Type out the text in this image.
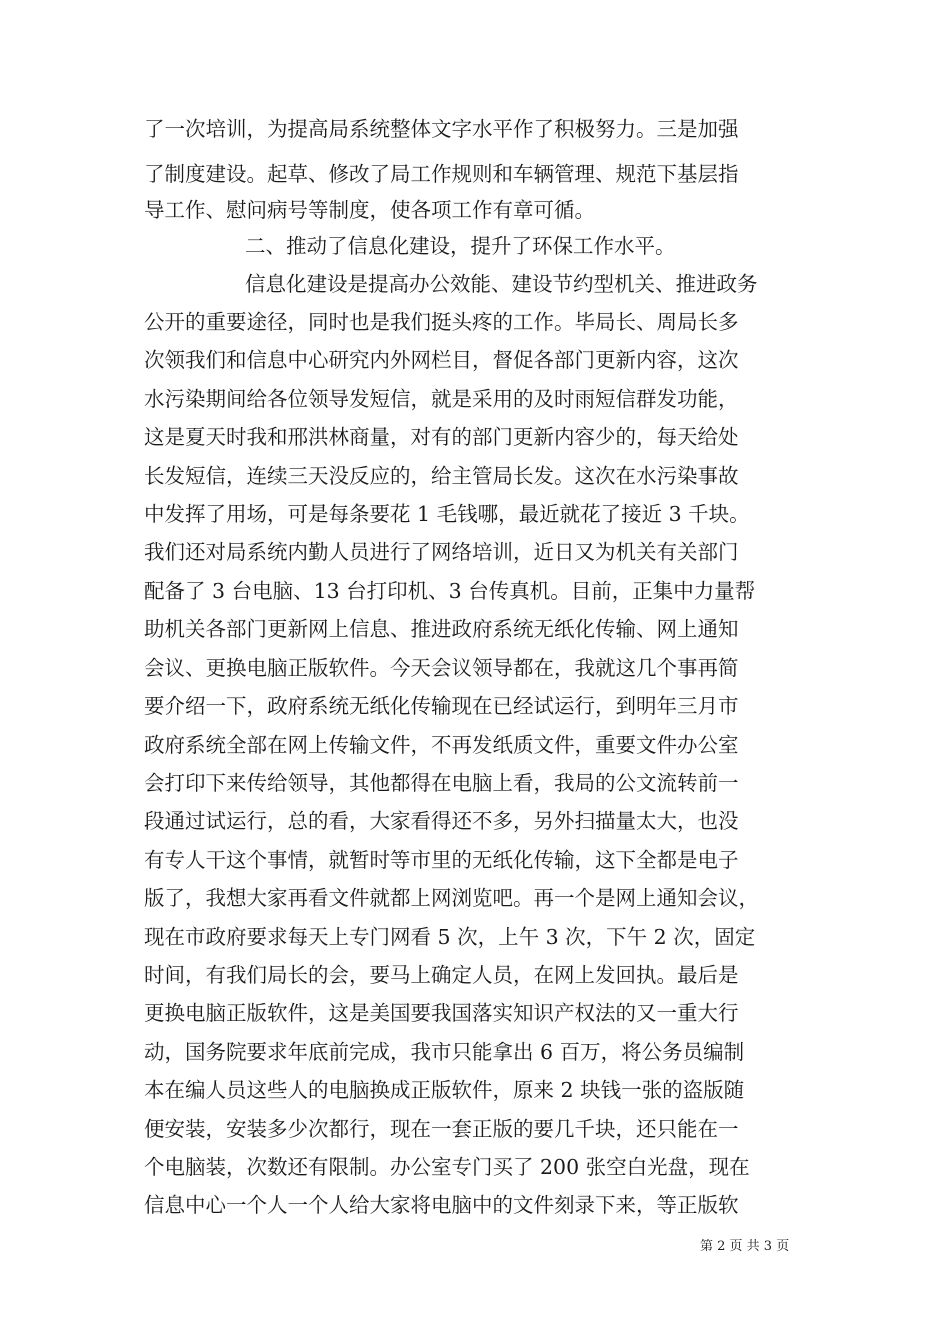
了一次培训，为提高局系统整体文字水平作了积极努力。三是加强
了制度建设。起草、修改了局工作规则和车辆管理、规范下基层指
导工作、慰问病号等制度，使各项工作有章可循。
二、推动了信息化建设，提升了环保工作水平。
信息化建设是提高办公效能、建设节约型机关、推进政务
公开的重要途径，同时也是我们挺头疼的工作。毕局长、周局长多
次领我们和信息中心研究内外网栏目，督促各部门更新内容，这次
水污染期间给各位领导发短信，就是采用的及时雨短信群发功能，
这是夏天时我和邢洪林商量，对有的部门更新内容少的，每天给处
长发短信，连续三天没反应的，给主管局长发。这次在水污染事故
中发挥了用场，可是每条要花 1 毛钱哪，最近就花了接近 3 千块。
我们还对局系统内勤人员进行了网络培训，近日又为机关有关部门
配备了 3 台电脑、13 台打印机、3 台传真机。目前，正集中力量帮
助机关各部门更新网上信息、推进政府系统无纸化传输、网上通知
会议、更换电脑正版软件。今天会议领导都在，我就这几个事再简
要介绍一下，政府系统无纸化传输现在已经试运行，到明年三月市
政府系统全部在网上传输文件，不再发纸质文件，重要文件办公室
会打印下来传给领导，其他都得在电脑上看，我局的公文流转前一
段通过试运行，总的看，大家看得还不多，另外扫描量太大，也没
有专人干这个事情，就暂时等市里的无纸化传输，这下全都是电子
版了，我想大家再看文件就都上网浏览吧。再一个是网上通知会议，
现在市政府要求每天上专门网看 5 次，上午 3 次，下午 2 次，固定
时间，有我们局长的会，要马上确定人员，在网上发回执。最后是
更换电脑正版软件，这是美国要我国落实知识产权法的又一重大行
动，国务院要求年底前完成，我市只能拿出 6 百万，将公务员编制
本在编人员这些人的电脑换成正版软件，原来 2 块钱一张的盗版随
便安装，安装多少次都行，现在一套正版的要几千块，还只能在一
个电脑装，次数还有限制。办公室专门买了 200 张空白光盘，现在
信息中心一个人一个人给大家将电脑中的文件刻录下来，等正版软
第 2 页 共 3 页
